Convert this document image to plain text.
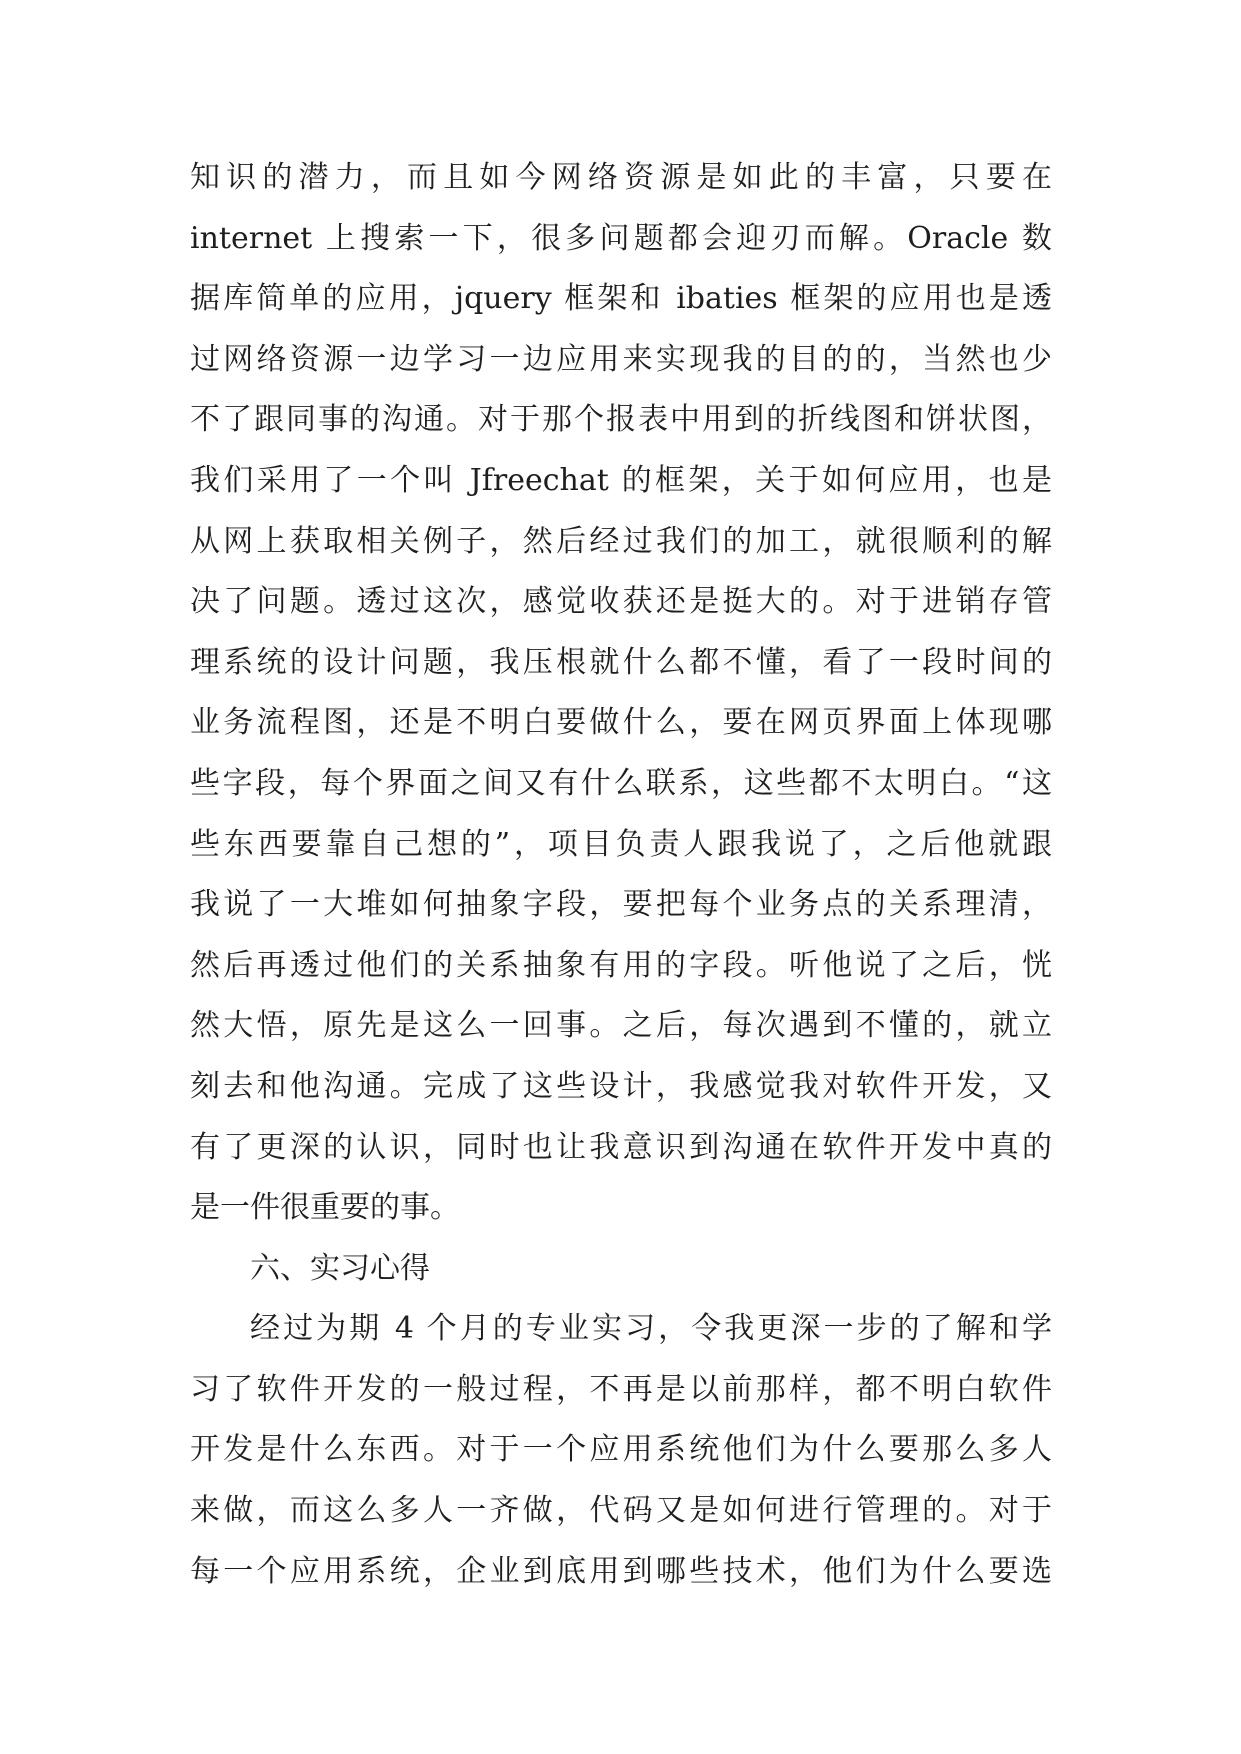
知识的潜力，而且如今网络资源是如此的丰富，只要在
internet 上搜索一下，很多问题都会迎刃而解。Oracle 数
据库简单的应用，jquery 框架和 ibaties 框架的应用也是透
过网络资源一边学习一边应用来实现我的目的的，当然也少
不了跟同事的沟通。对于那个报表中用到的折线图和饼状图，
我们采用了一个叫 Jfreechat 的框架，关于如何应用，也是
从网上获取相关例子，然后经过我们的加工，就很顺利的解
决了问题。透过这次，感觉收获还是挺大的。对于进销存管
理系统的设计问题，我压根就什么都不懂，看了一段时间的
业务流程图，还是不明白要做什么，要在网页界面上体现哪
些字段，每个界面之间又有什么联系，这些都不太明白。“这
些东西要靠自己想的”，项目负责人跟我说了，之后他就跟
我说了一大堆如何抽象字段，要把每个业务点的关系理清，
然后再透过他们的关系抽象有用的字段。听他说了之后，恍
然大悟，原先是这么一回事。之后，每次遇到不懂的，就立
刻去和他沟通。完成了这些设计，我感觉我对软件开发，又
有了更深的认识，同时也让我意识到沟通在软件开发中真的
是一件很重要的事。
六、实习心得
经过为期 4 个月的专业实习，令我更深一步的了解和学
习了软件开发的一般过程，不再是以前那样，都不明白软件
开发是什么东西。对于一个应用系统他们为什么要那么多人
来做，而这么多人一齐做，代码又是如何进行管理的。对于
每一个应用系统，企业到底用到哪些技术，他们为什么要选
